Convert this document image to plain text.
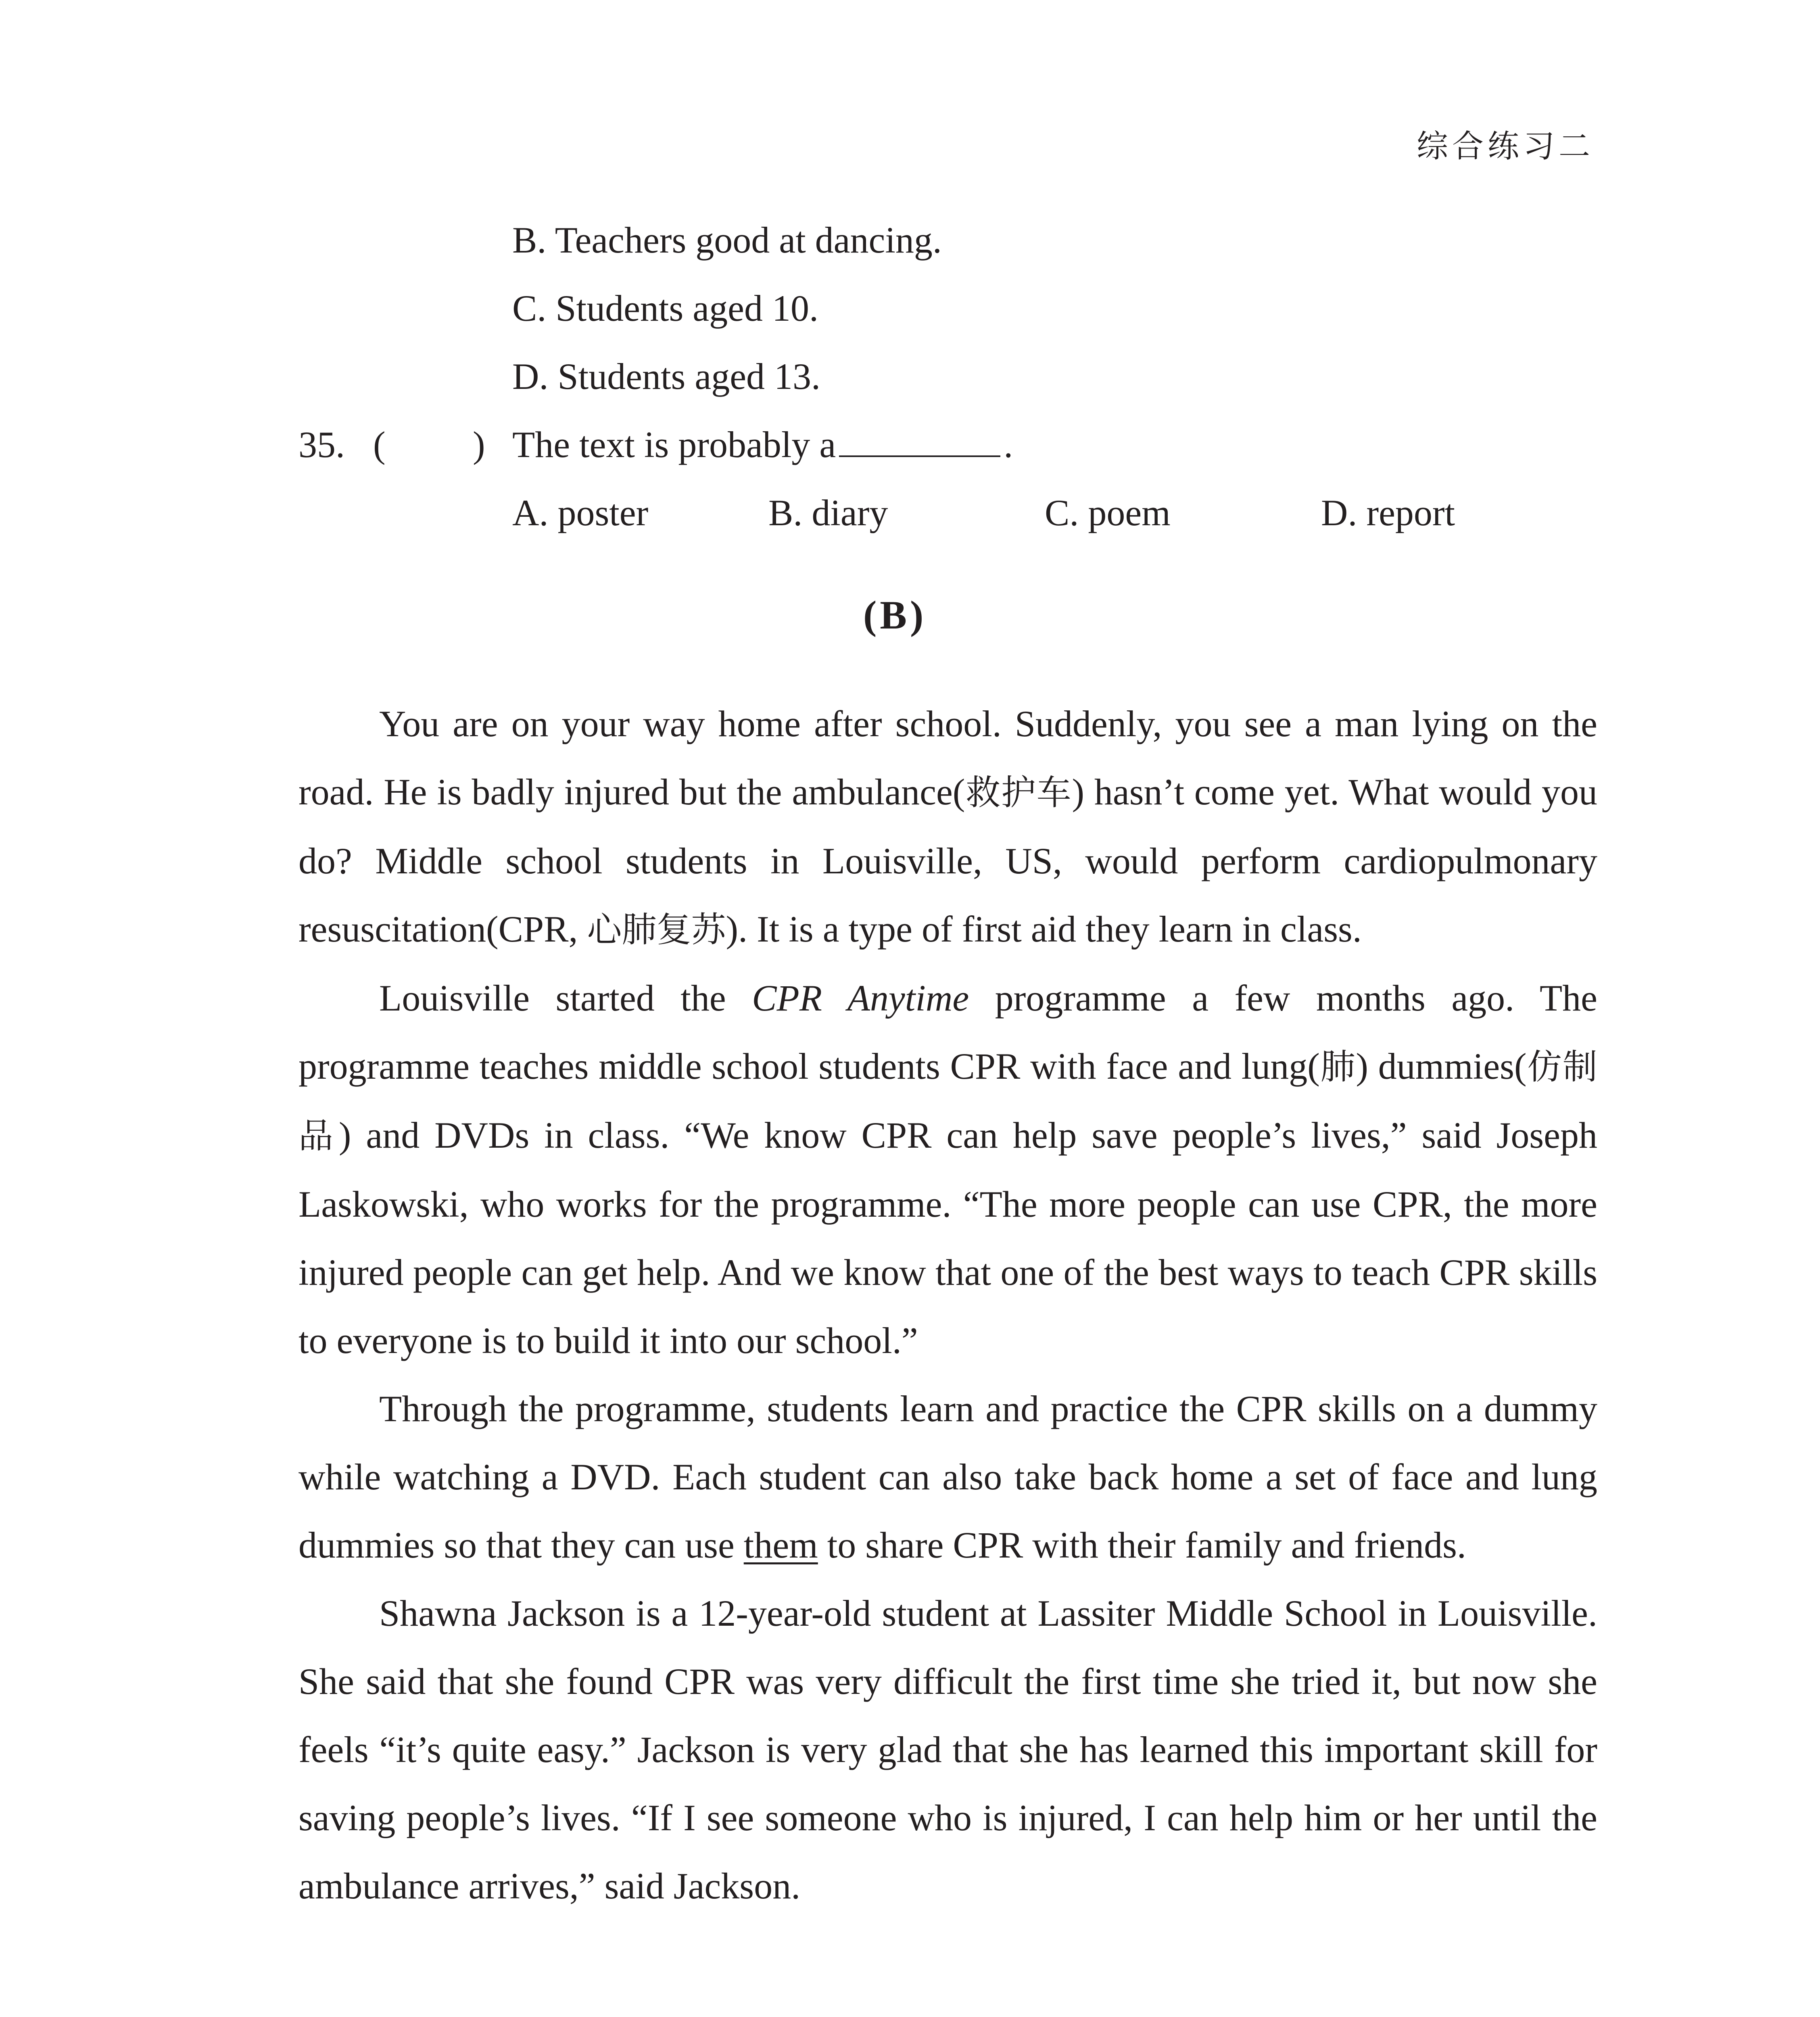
综合练习二
B. Teachers good at dancing.
C. Students aged 10.
D. Students aged 13.
35. ( ) The text is probably a	.
A. poster	B. diary	C. poem	D. report
(B)

You are on your way home after school. Suddenly, you see a man lying on the road. He is badly injured but the ambulance(救护车) hasn’t come yet. What would you do? Middle school students in Louisville, US, would perform cardiopulmonary resuscitation(CPR, 心肺复苏). It is a type of first aid they learn in class.

Louisville started the CPR Anytime programme a few months ago. The programme teaches middle school students CPR with face and lung(肺) dummies(仿制品) and DVDs in class. “We know CPR can help save people’s lives,” said Joseph Laskowski, who works for the programme. “The more people can use CPR, the more injured people can get help. And we know that one of the best ways to teach CPR skills to everyone is to build it into our school.”

Through the programme, students learn and practice the CPR skills on a dummy while watching a DVD. Each student can also take back home a set of face and lung dummies so that they can use them to share CPR with their family and friends.

Shawna Jackson is a 12-year-old student at Lassiter Middle School in Louisville. She said that she found CPR was very difficult the first time she tried it, but now she feels “it’s quite easy.” Jackson is very glad that she has learned this important skill for saving people’s lives. “If I see someone who is injured, I can help him or her until the ambulance arrives,” said Jackson.
